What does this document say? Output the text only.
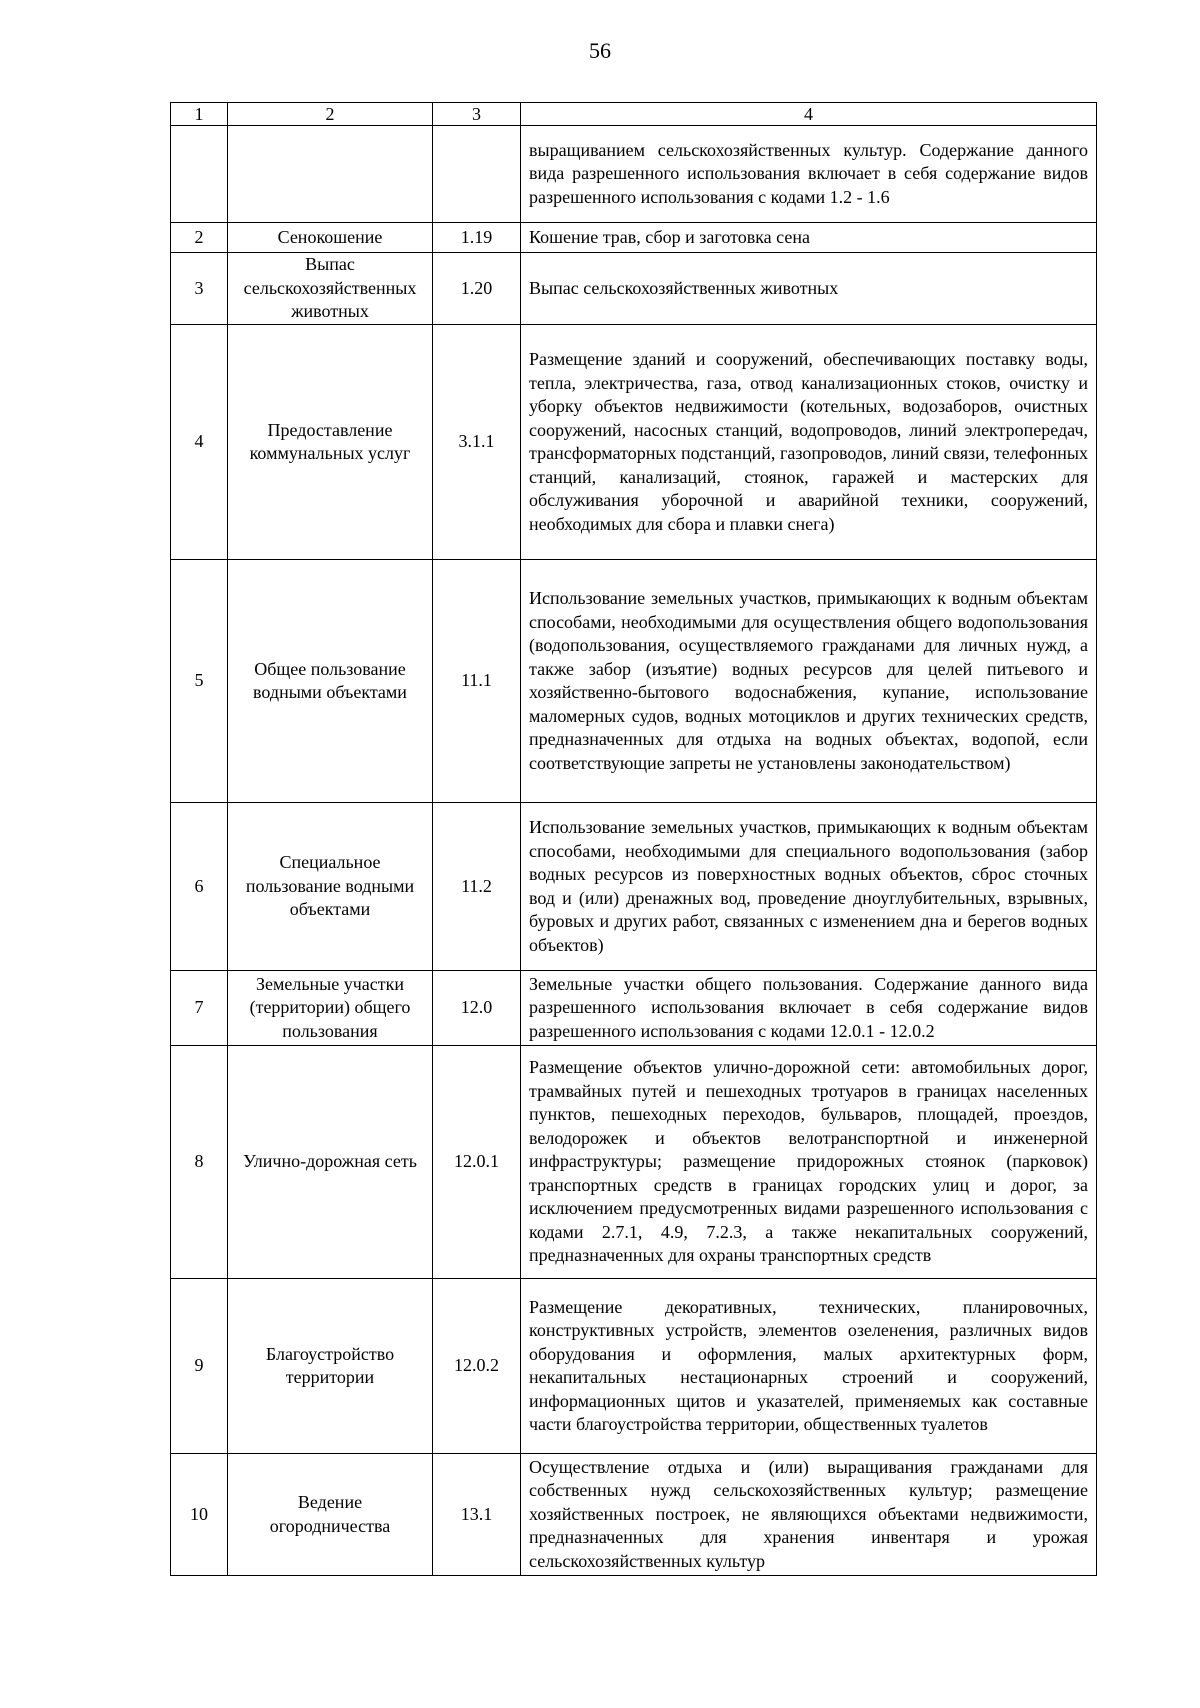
56
1	2	3	4
			выращиванием сельскохозяйственных культур. Содержание данного вида разрешенного использования включает в себя содержание видов разрешенного использования с кодами 1.2 - 1.6
2	Сенокошение	1.19	Кошение трав, сбор и заготовка сена
3	Выпас сельскохозяйственных животных	1.20	Выпас сельскохозяйственных животных
4	Предоставление коммунальных услуг	3.1.1	Размещение зданий и сооружений, обеспечивающих поставку воды, тепла, электричества, газа, отвод канализационных стоков, очистку и уборку объектов недвижимости (котельных, водозаборов, очистных сооружений, насосных станций, водопроводов, линий электропередач, трансформаторных подстанций, газопроводов, линий связи, телефонных станций, канализаций, стоянок, гаражей и мастерских для обслуживания уборочной и аварийной техники, сооружений, необходимых для сбора и плавки снега)
5	Общее пользование водными объектами	11.1	Использование земельных участков, примыкающих к водным объектам способами, необходимыми для осуществления общего водопользования (водопользования, осуществляемого гражданами для личных нужд, а также забор (изъятие) водных ресурсов для целей питьевого и хозяйственно-бытового водоснабжения, купание, использование маломерных судов, водных мотоциклов и других технических средств, предназначенных для отдыха на водных объектах, водопой, если соответствующие запреты не установлены законодательством)
6	Специальное пользование водными объектами	11.2	Использование земельных участков, примыкающих к водным объектам способами, необходимыми для специального водопользования (забор водных ресурсов из поверхностных водных объектов, сброс сточных вод и (или) дренажных вод, проведение дноуглубительных, взрывных, буровых и других работ, связанных с изменением дна и берегов водных объектов)
7	Земельные участки (территории) общего пользования	12.0	Земельные участки общего пользования. Содержание данного вида разрешенного использования включает в себя содержание видов разрешенного использования с кодами 12.0.1 - 12.0.2
8	Улично-дорожная сеть	12.0.1	Размещение объектов улично-дорожной сети: автомобильных дорог, трамвайных путей и пешеходных тротуаров в границах населенных пунктов, пешеходных переходов, бульваров, площадей, проездов, велодорожек и объектов велотранспортной и инженерной инфраструктуры; размещение придорожных стоянок (парковок) транспортных средств в границах городских улиц и дорог, за исключением предусмотренных видами разрешенного использования с кодами 2.7.1, 4.9, 7.2.3, а также некапитальных сооружений, предназначенных для охраны транспортных средств
9	Благоустройство территории	12.0.2	Размещение декоративных, технических, планировочных, конструктивных устройств, элементов озеленения, различных видов оборудования и оформления, малых архитектурных форм, некапитальных нестационарных строений и сооружений, информационных щитов и указателей, применяемых как составные части благоустройства территории, общественных туалетов
10	Ведение огородничества	13.1	Осуществление отдыха и (или) выращивания гражданами для собственных нужд сельскохозяйственных культур; размещение хозяйственных построек, не являющихся объектами недвижимости, предназначенных для хранения инвентаря и урожая сельскохозяйственных культур
